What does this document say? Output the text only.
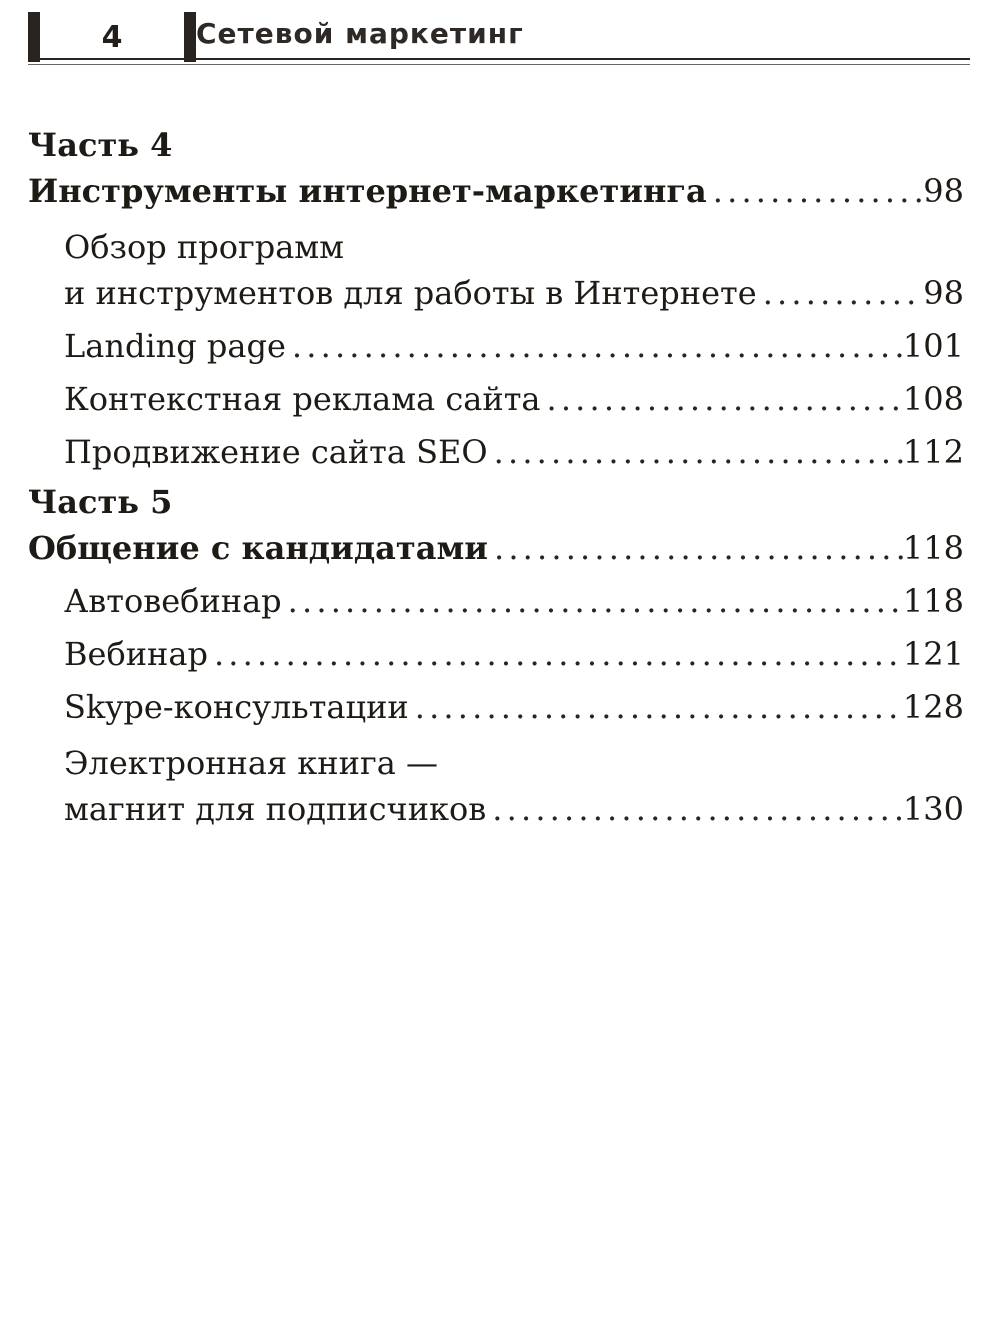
4	Сетевой маркетинг

Часть 4

Инструменты интернет-маркетинга . . .	98

Обзор программ

и инструментов для работы в Интернете . . .	98
Landing page . . .	101
Контекстная реклама сайта . . .	108
Продвижение сайта SEO . . .	112

Часть 5

Общение с кандидатами . . .	118
Автовебинар . . .	118
Вебинар . . .	121
Skype-консультации . . .	128

Электронная книга —

магнит для подписчиков . . .	130
